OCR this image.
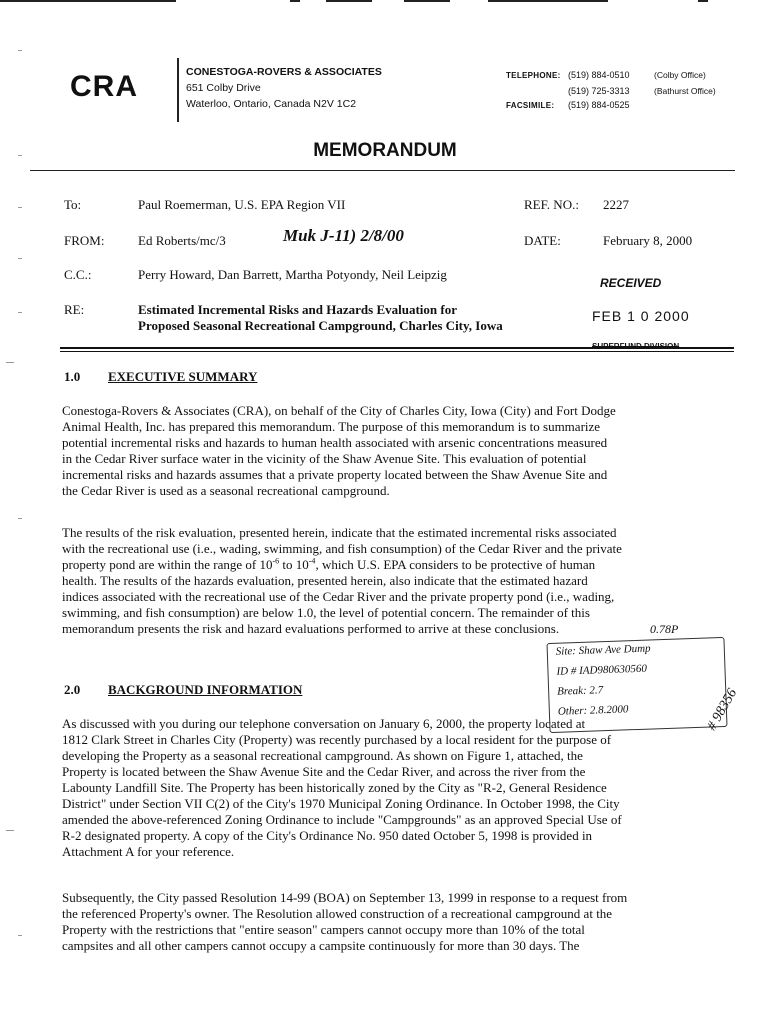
CRA	CONESTOGA-ROVERS & ASSOCIATES
651 Colby Drive
Waterloo, Ontario, Canada N2V 1C2
TELEPHONE: (519) 884-0510	(Colby Office)
(519) 725-3313	(Bathurst Office)
FACSIMILE: (519) 884-0525
MEMORANDUM
To:	Paul Roemerman, U.S. EPA Region VII	REF. NO.: 2227
FROM:	Ed Roberts/mc/3	Muk J-11) 2/8/00	DATE:	February 8, 2000
C.C.:	Perry Howard, Dan Barrett, Martha Potyondy, Neil Leipzig
RECEIVED
RE:	Estimated Incremental Risks and Hazards Evaluation for
Proposed Seasonal Recreational Campground, Charles City, Iowa
FEB 1 0 2000
1.0 EXECUTIVE SUMMARY
Conestoga-Rovers & Associates (CRA), on behalf of the City of Charles City, Iowa (City) and Fort Dodge
Animal Health, Inc. has prepared this memorandum. The purpose of this memorandum is to summarize
potential incremental risks and hazards to human health associated with arsenic concentrations measured
in the Cedar River surface water in the vicinity of the Shaw Avenue Site. This evaluation of potential
incremental risks and hazards assumes that a private property located between the Shaw Avenue Site and
the Cedar River is used as a seasonal recreational campground.
The results of the risk evaluation, presented herein, indicate that the estimated incremental risks associated
with the recreational use (i.e., wading, swimming, and fish consumption) of the Cedar River and the private
property pond are within the range of $10^{-6}$ to $10^{-4}$, which U.S. EPA considers to be protective of human
health. The results of the hazards evaluation, presented herein, also indicate that the estimated hazard
indices associated with the recreational use of the Cedar River and the private property pond (i.e., wading,
swimming, and fish consumption) are below 1.0, the level of potential concern. The remainder of this
memorandum presents the risk and hazard evaluations performed to arrive at these conclusions.	0.78P
Site: Shaw Ave Dump
ID # IAD980630560
Break: 2.7
Other: 2.8.2000	# 98356
2.0 BACKGROUND INFORMATION
As discussed with you during our telephone conversation on January 6, 2000, the property located at
1812 Clark Street in Charles City (Property) was recently purchased by a local resident for the purpose of
developing the Property as a seasonal recreational campground. As shown on Figure 1, attached, the
Property is located between the Shaw Avenue Site and the Cedar River, and across the river from the
Labounty Landfill Site. The Property has been historically zoned by the City as "R-2, General Residence
District" under Section VII C(2) of the City's 1970 Municipal Zoning Ordinance. In October 1998, the City
amended the above-referenced Zoning Ordinance to include "Campgrounds" as an approved Special Use of
R-2 designated property. A copy of the City's Ordinance No. 950 dated October 5, 1998 is provided in
Attachment A for your reference.
Subsequently, the City passed Resolution 14-99 (BOA) on September 13, 1999 in response to a request from
the referenced Property's owner. The Resolution allowed construction of a recreational campground at the
Property with the restrictions that "entire season" campers cannot occupy more than 10% of the total
campsites and all other campers cannot occupy a campsite continuously for more than 30 days. The
